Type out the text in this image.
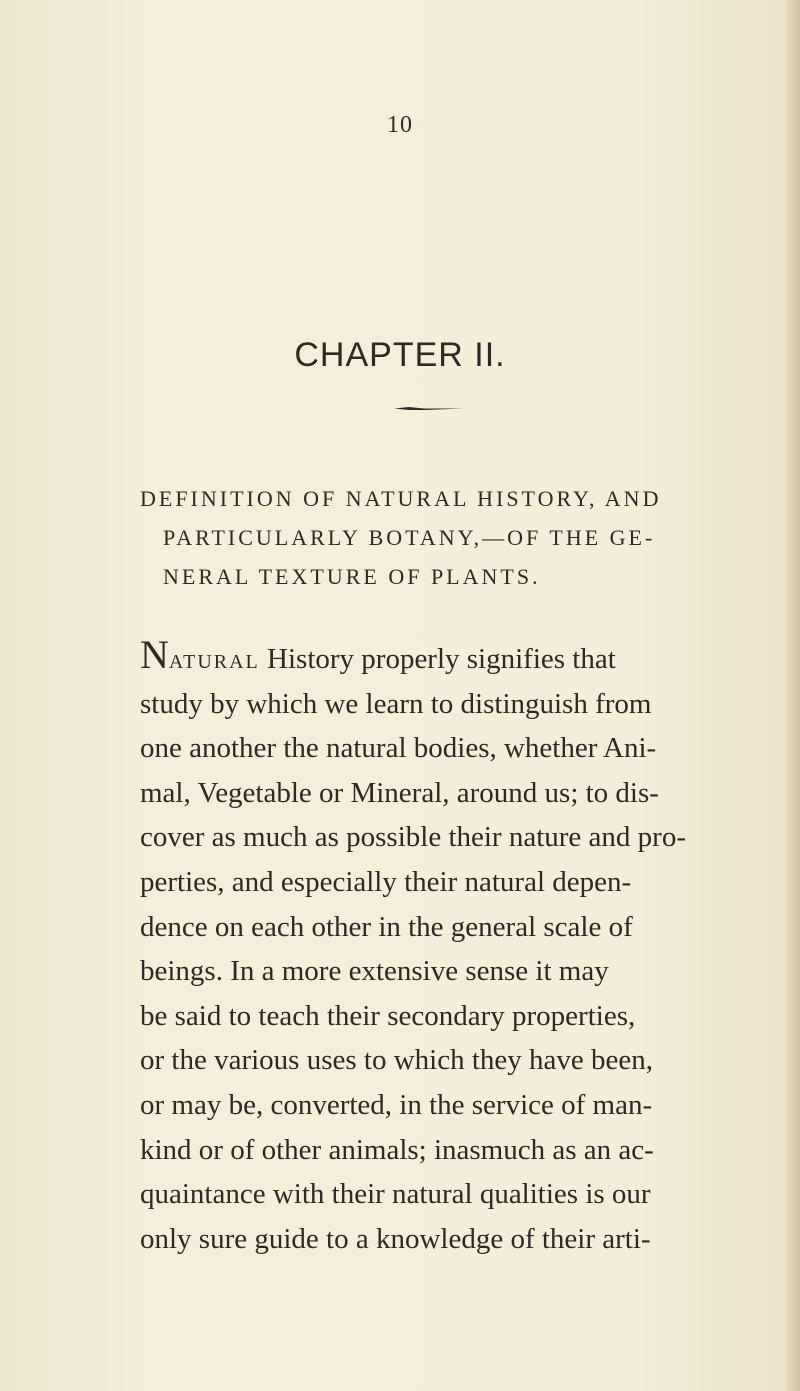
10
CHAPTER II.
DEFINITION OF NATURAL HISTORY, AND
PARTICULARLY BOTANY,—OF THE GE-
NERAL TEXTURE OF PLANTS.
Natural History properly signifies that
study by which we learn to distinguish from
one another the natural bodies, whether Ani-
mal, Vegetable or Mineral, around us; to dis-
cover as much as possible their nature and pro-
perties, and especially their natural depen-
dence on each other in the general scale of
beings. In a more extensive sense it may
be said to teach their secondary properties,
or the various uses to which they have been,
or may be, converted, in the service of man-
kind or of other animals; inasmuch as an ac-
quaintance with their natural qualities is our
only sure guide to a knowledge of their arti-
